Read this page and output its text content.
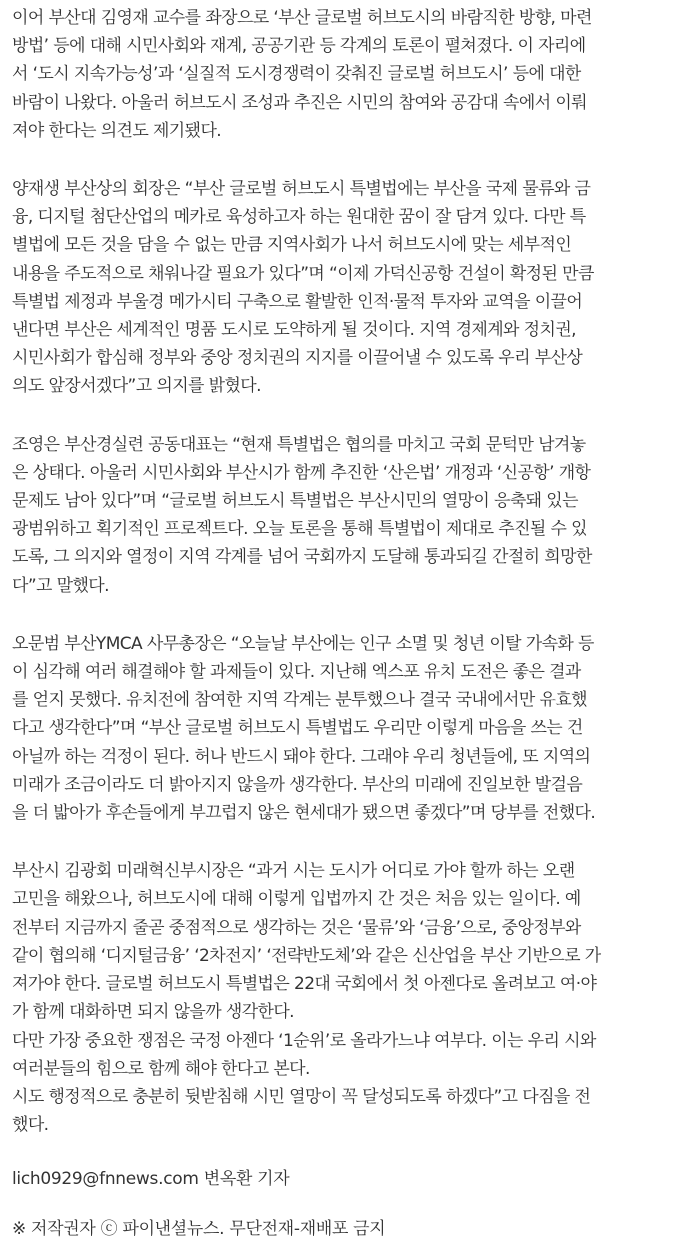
이어 부산대 김영재 교수를 좌장으로 ‘부산 글로벌 허브도시의 바람직한 방향, 마련
방법’ 등에 대해 시민사회와 재계, 공공기관 등 각계의 토론이 펼쳐졌다. 이 자리에
서 ‘도시 지속가능성’과 ‘실질적 도시경쟁력이 갖춰진 글로벌 허브도시’ 등에 대한
바람이 나왔다. 아울러 허브도시 조성과 추진은 시민의 참여와 공감대 속에서 이뤄
져야 한다는 의견도 제기됐다.

양재생 부산상의 회장은 “부산 글로벌 허브도시 특별법에는 부산을 국제 물류와 금
융, 디지털 첨단산업의 메카로 육성하고자 하는 원대한 꿈이 잘 담겨 있다. 다만 특
별법에 모든 것을 담을 수 없는 만큼 지역사회가 나서 허브도시에 맞는 세부적인
내용을 주도적으로 채워나갈 필요가 있다”며 “이제 가덕신공항 건설이 확정된 만큼
특별법 제정과 부울경 메가시티 구축으로 활발한 인적·물적 투자와 교역을 이끌어
낸다면 부산은 세계적인 명품 도시로 도약하게 될 것이다. 지역 경제계와 정치권,
시민사회가 합심해 정부와 중앙 정치권의 지지를 이끌어낼 수 있도록 우리 부산상
의도 앞장서겠다”고 의지를 밝혔다.

조영은 부산경실련 공동대표는 “현재 특별법은 협의를 마치고 국회 문턱만 남겨놓
은 상태다. 아울러 시민사회와 부산시가 함께 추진한 ‘산은법’ 개정과 ‘신공항’ 개항
문제도 남아 있다”며 “글로벌 허브도시 특별법은 부산시민의 열망이 응축돼 있는
광범위하고 획기적인 프로젝트다. 오늘 토론을 통해 특별법이 제대로 추진될 수 있
도록, 그 의지와 열정이 지역 각계를 넘어 국회까지 도달해 통과되길 간절히 희망한
다”고 말했다.

오문범 부산YMCA 사무총장은 “오늘날 부산에는 인구 소멸 및 청년 이탈 가속화 등
이 심각해 여러 해결해야 할 과제들이 있다. 지난해 엑스포 유치 도전은 좋은 결과
를 얻지 못했다. 유치전에 참여한 지역 각계는 분투했으나 결국 국내에서만 유효했
다고 생각한다”며 “부산 글로벌 허브도시 특별법도 우리만 이렇게 마음을 쓰는 건
아닐까 하는 걱정이 된다. 허나 반드시 돼야 한다. 그래야 우리 청년들에, 또 지역의
미래가 조금이라도 더 밝아지지 않을까 생각한다. 부산의 미래에 진일보한 발걸음
을 더 밟아가 후손들에게 부끄럽지 않은 현세대가 됐으면 좋겠다”며 당부를 전했다.

부산시 김광회 미래혁신부시장은 “과거 시는 도시가 어디로 가야 할까 하는 오랜
고민을 해왔으나, 허브도시에 대해 이렇게 입법까지 간 것은 처음 있는 일이다. 예
전부터 지금까지 줄곧 중점적으로 생각하는 것은 ‘물류’와 ‘금융’으로, 중앙정부와
같이 협의해 ‘디지털금융’ ‘2차전지’ ‘전략반도체’와 같은 신산업을 부산 기반으로 가
져가야 한다. 글로벌 허브도시 특별법은 22대 국회에서 첫 아젠다로 올려보고 여·야
가 함께 대화하면 되지 않을까 생각한다.
다만 가장 중요한 쟁점은 국정 아젠다 ‘1순위’로 올라가느냐 여부다. 이는 우리 시와
여러분들의 힘으로 함께 해야 한다고 본다.
시도 행정적으로 충분히 뒷받침해 시민 열망이 꼭 달성되도록 하겠다”고 다짐을 전
했다.

lich0929@fnnews.com 변옥환 기자

※ 저작권자 ⓒ 파이낸셜뉴스. 무단전재-재배포 금지
